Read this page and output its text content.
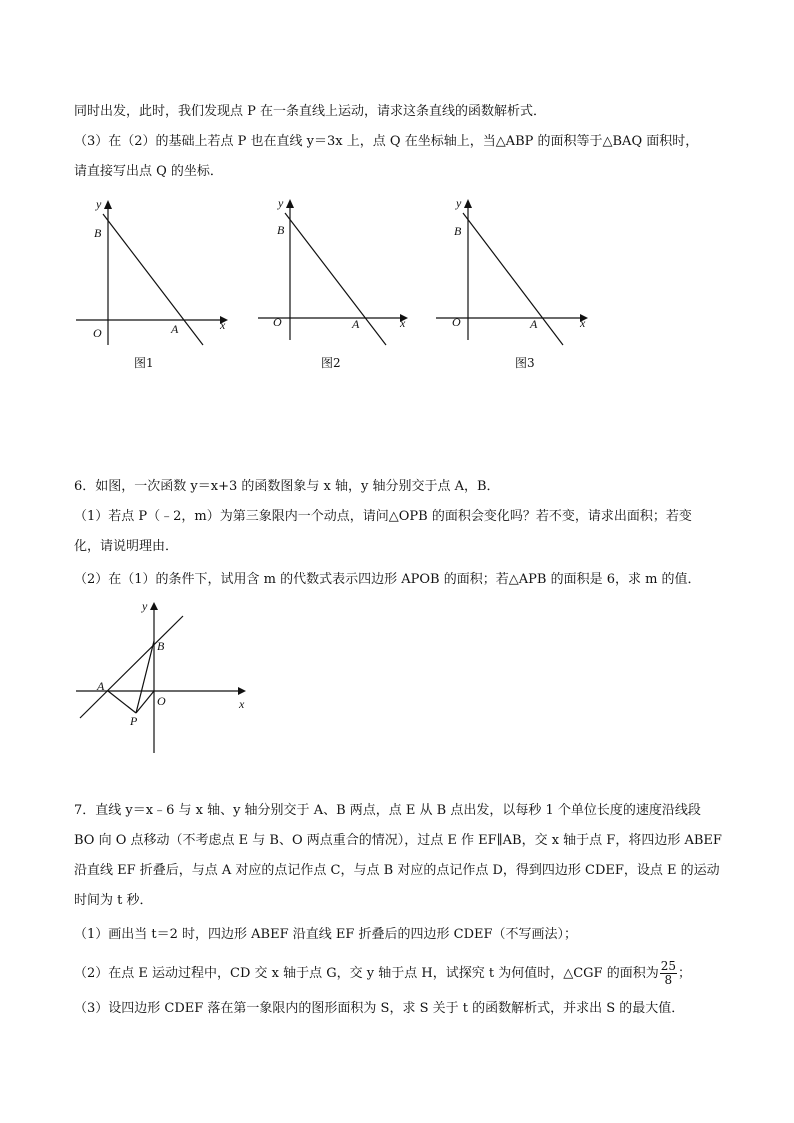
同时出发，此时，我们发现点 P 在一条直线上运动，请求这条直线的函数解析式．
（3）在（2）的基础上若点 P 也在直线 y＝3x 上，点 Q 在坐标轴上，当△ABP 的面积等于△BAQ 面积时，
请直接写出点 Q 的坐标．
y
x
O	A
B
图1
y
x
O	A
B
图2
y
x
O	A
B
图3
6．如图，一次函数 y＝x+3 的函数图象与 x 轴，y 轴分别交于点 A，B．
（1）若点 P（﹣2，m）为第三象限内一个动点，请问△OPB 的面积会变化吗？若不变，请求出面积；若变
化，请说明理由．
（2）在（1）的条件下，试用含 m 的代数式表示四边形 APOB 的面积；若△APB 的面积是 6，求 m 的值．
y
x
O
A
B
P
7．直线 y＝x﹣6 与 x 轴、y 轴分别交于 A、B 两点，点 E 从 B 点出发，以每秒 1 个单位长度的速度沿线段
BO 向 O 点移动（不考虑点 E 与 B、O 两点重合的情况），过点 E 作 EF∥AB，交 x 轴于点 F，将四边形 ABEF
沿直线 EF 折叠后，与点 A 对应的点记作点 C，与点 B 对应的点记作点 D，得到四边形 CDEF，设点 E 的运动
时间为 t 秒．
（1）画出当 t＝2 时，四边形 ABEF 沿直线 EF 折叠后的四边形 CDEF（不写画法）；
（2）在点 E 运动过程中，CD 交 x 轴于点 G，交 y 轴于点 H，试探究 t 为何值时，△CGF 的面积为 $\frac{25}{8}$ ；
（3）设四边形 CDEF 落在第一象限内的图形面积为 S，求 S 关于 t 的函数解析式，并求出 S 的最大值．
